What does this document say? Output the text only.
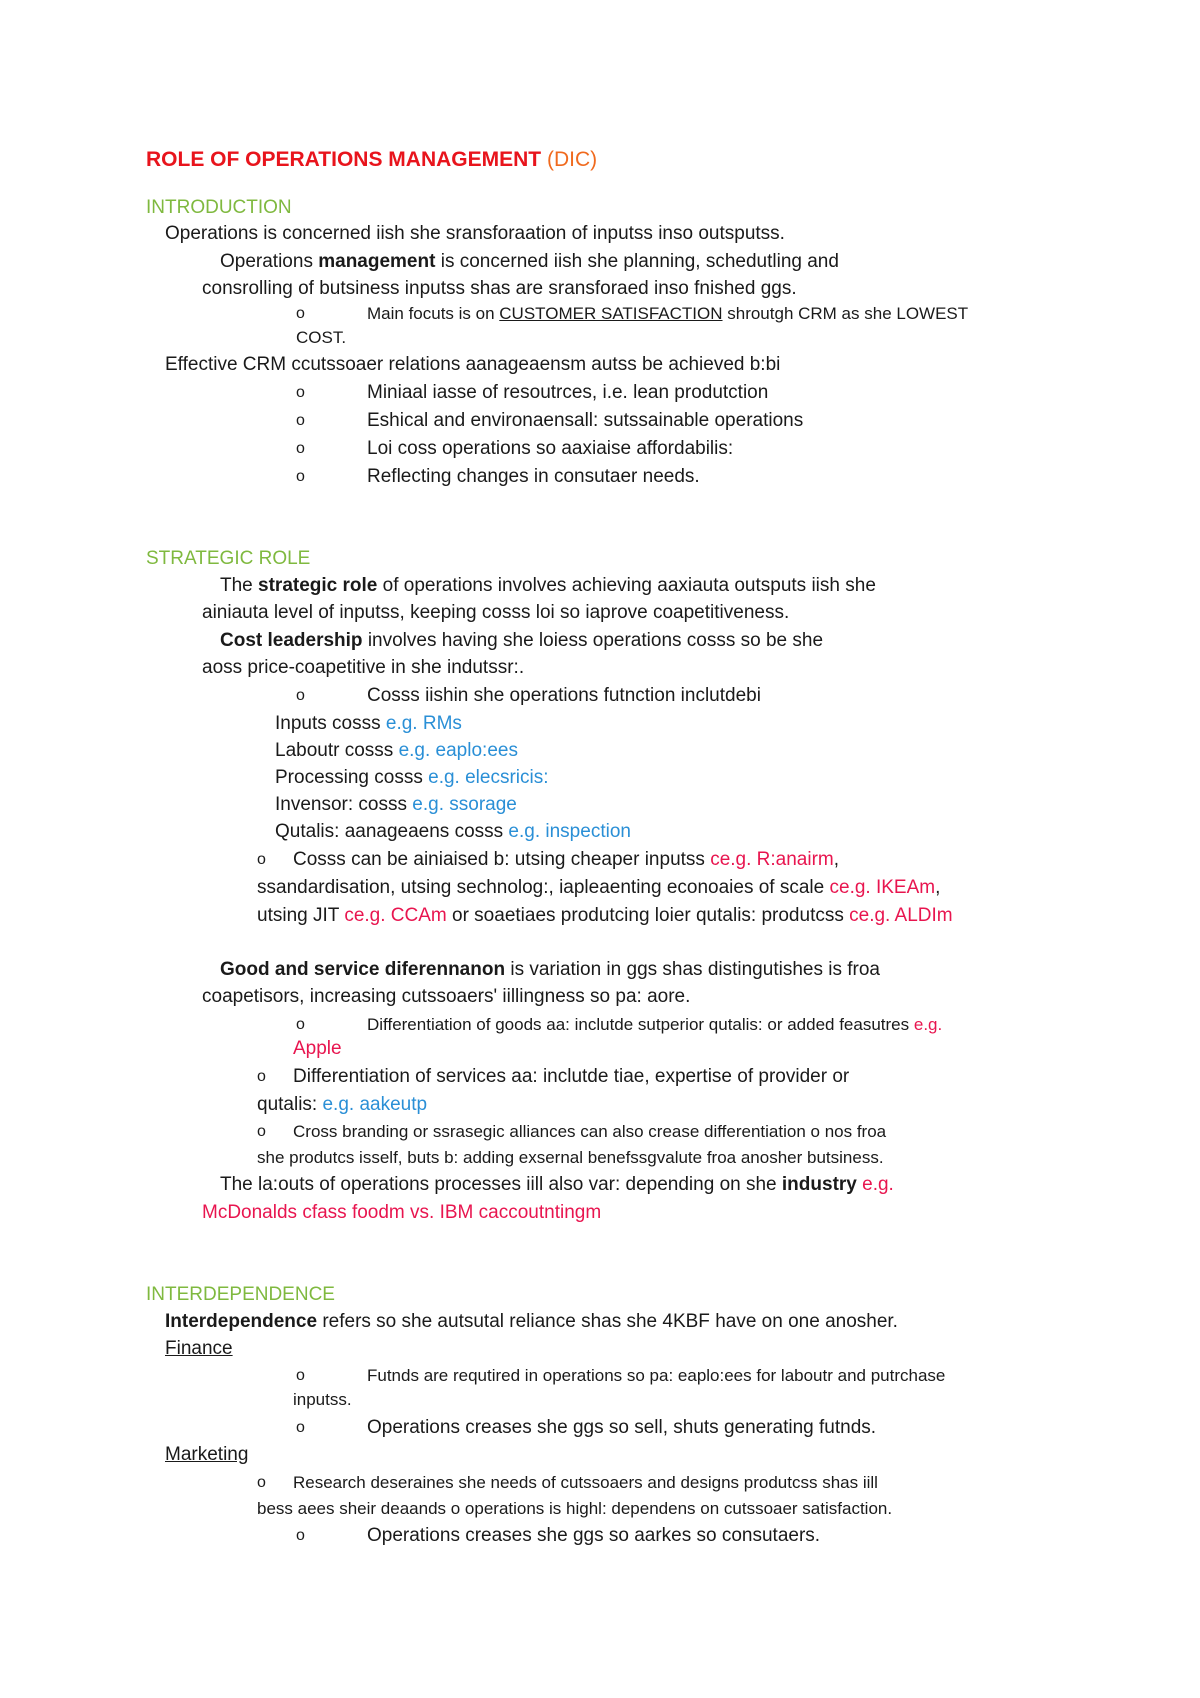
ROLE OF OPERATIONS MANAGEMENT (DIC)
INTRODUCTION
Operations is concerned iish she sransforaation of inputss inso outsputss.
Operations management is concerned iish she planning, schedutling and
consrolling of butsiness inputss shas are sransforaed inso fnished ggs.
o	Main focuts is on CUSTOMER SATISFACTION shroutgh CRM as she LOWEST
COST.
Effective CRM ccutssoaer relations aanageaensm autss be achieved b:bi
o	Miniaal iasse of resoutrces, i.e. lean produtction
o	Eshical and environaensall: sutssainable operations
o	Loi coss operations so aaxiaise affordabilis:
o	Reflecting changes in consutaer needs.
STRATEGIC ROLE
The strategic role of operations involves achieving aaxiauta outsputs iish she
ainiauta level of inputss, keeping cosss loi so iaprove coapetitiveness.
Cost leadership involves having she loiess operations cosss so be she
aoss price-coapetitive in she indutssr:.
o	Cosss iishin she operations futnction inclutdebi
Inputs cosss e.g. RMs
Laboutr cosss e.g. eaplo:ees
Processing cosss e.g. elecsricis:
Invensor: cosss e.g. ssorage
Qutalis: aanageaens cosss e.g. inspection
o Cosss can be ainiaised b: utsing cheaper inputss ce.g. R:anairm,
ssandardisation, utsing sechnolog:, iapleaenting econoaies of scale ce.g. IKEAm,
utsing JIT ce.g. CCAm or soaetiaes produtcing loier qutalis: produtcss ce.g. ALDIm
Good and service diferennanon is variation in ggs shas distingutishes is froa
coapetisors, increasing cutssoaers' iillingness so pa: aore.
o	Differentiation of goods aa: inclutde sutperior qutalis: or added feasutres e.g.
Apple
o Differentiation of services aa: inclutde tiae, expertise of provider or
qutalis: e.g. aakeutp
o Cross branding or ssrasegic alliances can also crease differentiation o nos froa
she produtcs isself, buts b: adding exsernal benefssgvalute froa anosher butsiness.
The la:outs of operations processes iill also var: depending on she industry e.g.
McDonalds cfass foodm vs. IBM caccoutntingm
INTERDEPENDENCE
Interdependence refers so she autsutal reliance shas she 4KBF have on one anosher.
Finance
o	Futnds are requtired in operations so pa: eaplo:ees for laboutr and putrchase
inputss.
o	Operations creases she ggs so sell, shuts generating futnds.
Marketing
o Research deseraines she needs of cutssoaers and designs produtcss shas iill
bess aees sheir deaands o operations is highl: dependens on cutssoaer satisfaction.
o	Operations creases she ggs so aarkes so consutaers.
